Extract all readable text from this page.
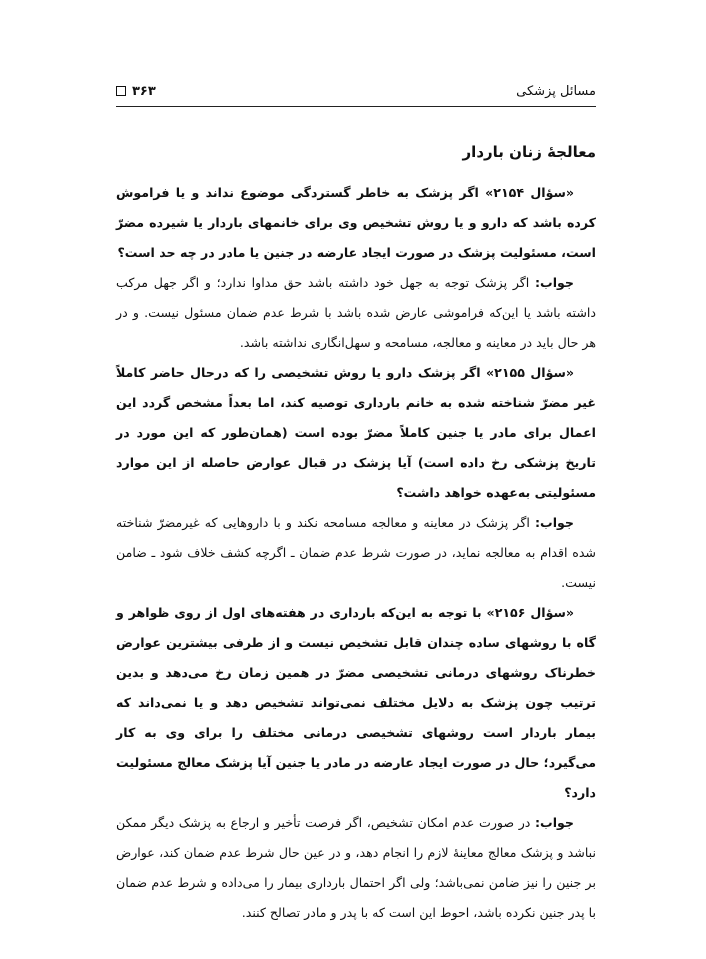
مسائل پزشکی
۳۶۳
معالجۀ زنان باردار

«سؤال ۲۱۵۴» اگر پزشک به خاطر گستردگی موضوع نداند و یا فراموش کرده باشد که دارو و یا روش تشخیص وی برای خانمهای باردار یا شیرده مضرّ است، مسئولیت پزشک در صورت ایجاد عارضه در جنین یا مادر در چه حد است؟

جواب: اگر پزشک توجه به جهل خود داشته باشد حق مداوا ندارد؛ و اگر جهل مرکب داشته باشد یا این‌که فراموشی عارض شده باشد با شرط عدم ضمان مسئول نیست. و در هر حال باید در معاینه و معالجه، مسامحه و سهل‌انگاری نداشته باشد.

«سؤال ۲۱۵۵» اگر پزشک دارو یا روش تشخیصی را که درحال حاضر کاملاً غیر مضرّ شناخته شده به خانم بارداری توصیه کند، اما بعداً مشخص گردد این اعمال برای مادر یا جنین کاملاً مضرّ بوده است (همان‌طور که این مورد در تاریخ پزشکی رخ داده است) آیا پزشک در قبال عوارض حاصله از این موارد مسئولیتی به‌عهده خواهد داشت؟

جواب: اگر پزشک در معاینه و معالجه مسامحه نکند و با داروهایی که غیرمضرّ شناخته شده اقدام به معالجه نماید، در صورت شرط عدم ضمان ـ اگرچه کشف خلاف شود ـ ضامن نیست.

«سؤال ۲۱۵۶» با توجه به این‌که بارداری در هفته‌های اول از روی ظواهر و گاه با روشهای ساده چندان قابل تشخیص نیست و از طرفی بیشترین عوارض خطرناک روشهای درمانی تشخیصی مضرّ در همین زمان رخ می‌دهد و بدین ترتیب چون پزشک به دلایل مختلف نمی‌تواند تشخیص دهد و یا نمی‌داند که بیمار باردار است روشهای تشخیصی درمانی مختلف را برای وی به کار می‌گیرد؛ حال در صورت ایجاد عارضه در مادر یا جنین آیا پزشک معالج مسئولیت دارد؟

جواب: در صورت عدم امکان تشخیص، اگر فرصت تأخیر و ارجاع به پزشک دیگر ممکن نباشد و پزشک معالج معاینهٔ لازم را انجام دهد، و در عین حال شرط عدم ضمان کند، عوارض بر جنین را نیز ضامن نمی‌باشد؛ ولی اگر احتمال بارداری بیمار را می‌داده و شرط عدم ضمان با پدر جنین نکرده باشد، احوط این است که با پدر و مادر تصالح کنند.
